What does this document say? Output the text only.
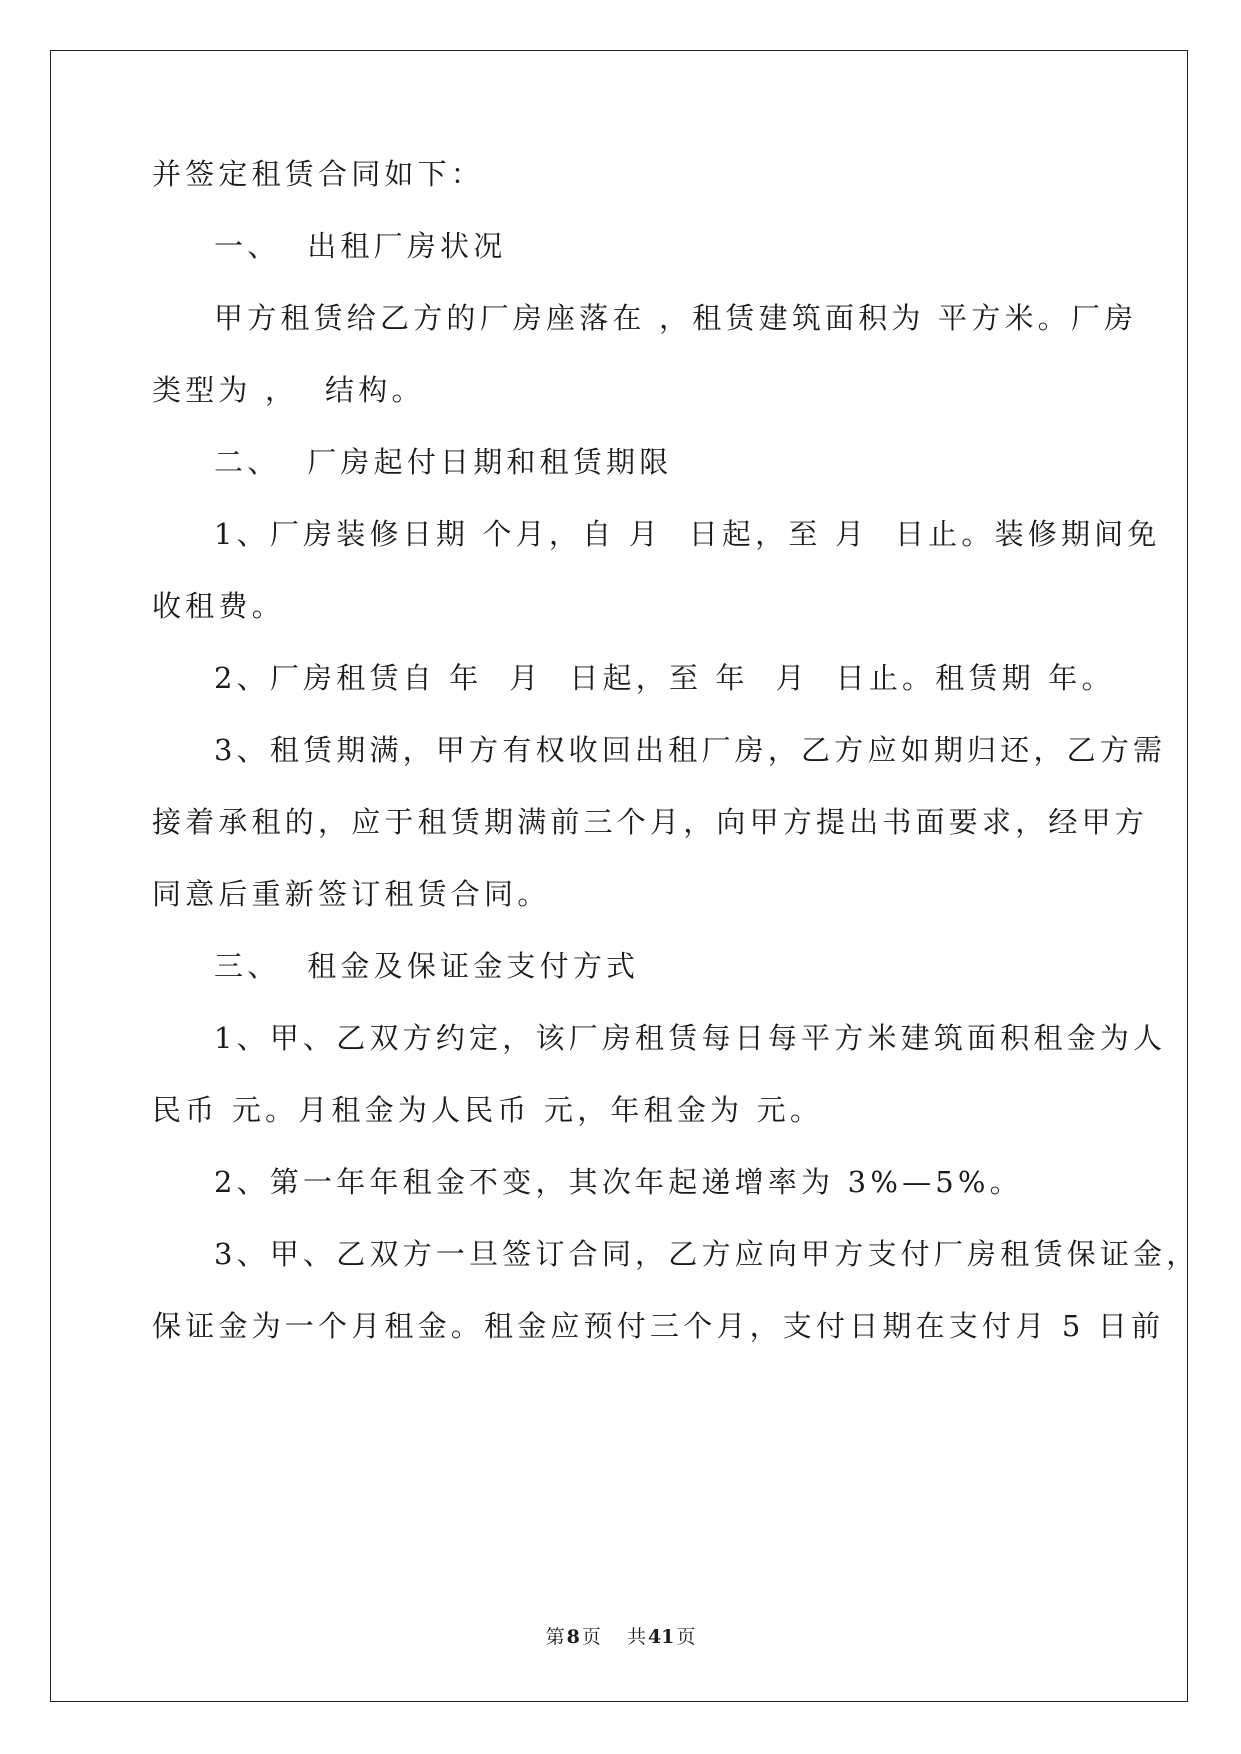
并签定租赁合同如下：
一、  出租厂房状况
甲方租赁给乙方的厂房座落在 ，租赁建筑面积为 平方米。厂房
类型为 ，  结构。
二、  厂房起付日期和租赁期限
1、厂房装修日期 个月，自 月  日起，至 月  日止。装修期间免
收租费。
2、厂房租赁自 年  月  日起，至 年  月  日止。租赁期 年。
3、租赁期满，甲方有权收回出租厂房，乙方应如期归还，乙方需
接着承租的，应于租赁期满前三个月，向甲方提出书面要求，经甲方
同意后重新签订租赁合同。
三、  租金及保证金支付方式
1、甲、乙双方约定，该厂房租赁每日每平方米建筑面积租金为人
民币 元。月租金为人民币 元，年租金为 元。
2、第一年年租金不变，其次年起递增率为 3%—5%。
3、甲、乙双方一旦签订合同，乙方应向甲方支付厂房租赁保证金，
保证金为一个月租金。租金应预付三个月，支付日期在支付月 5 日前
第 8 页 共 41 页
